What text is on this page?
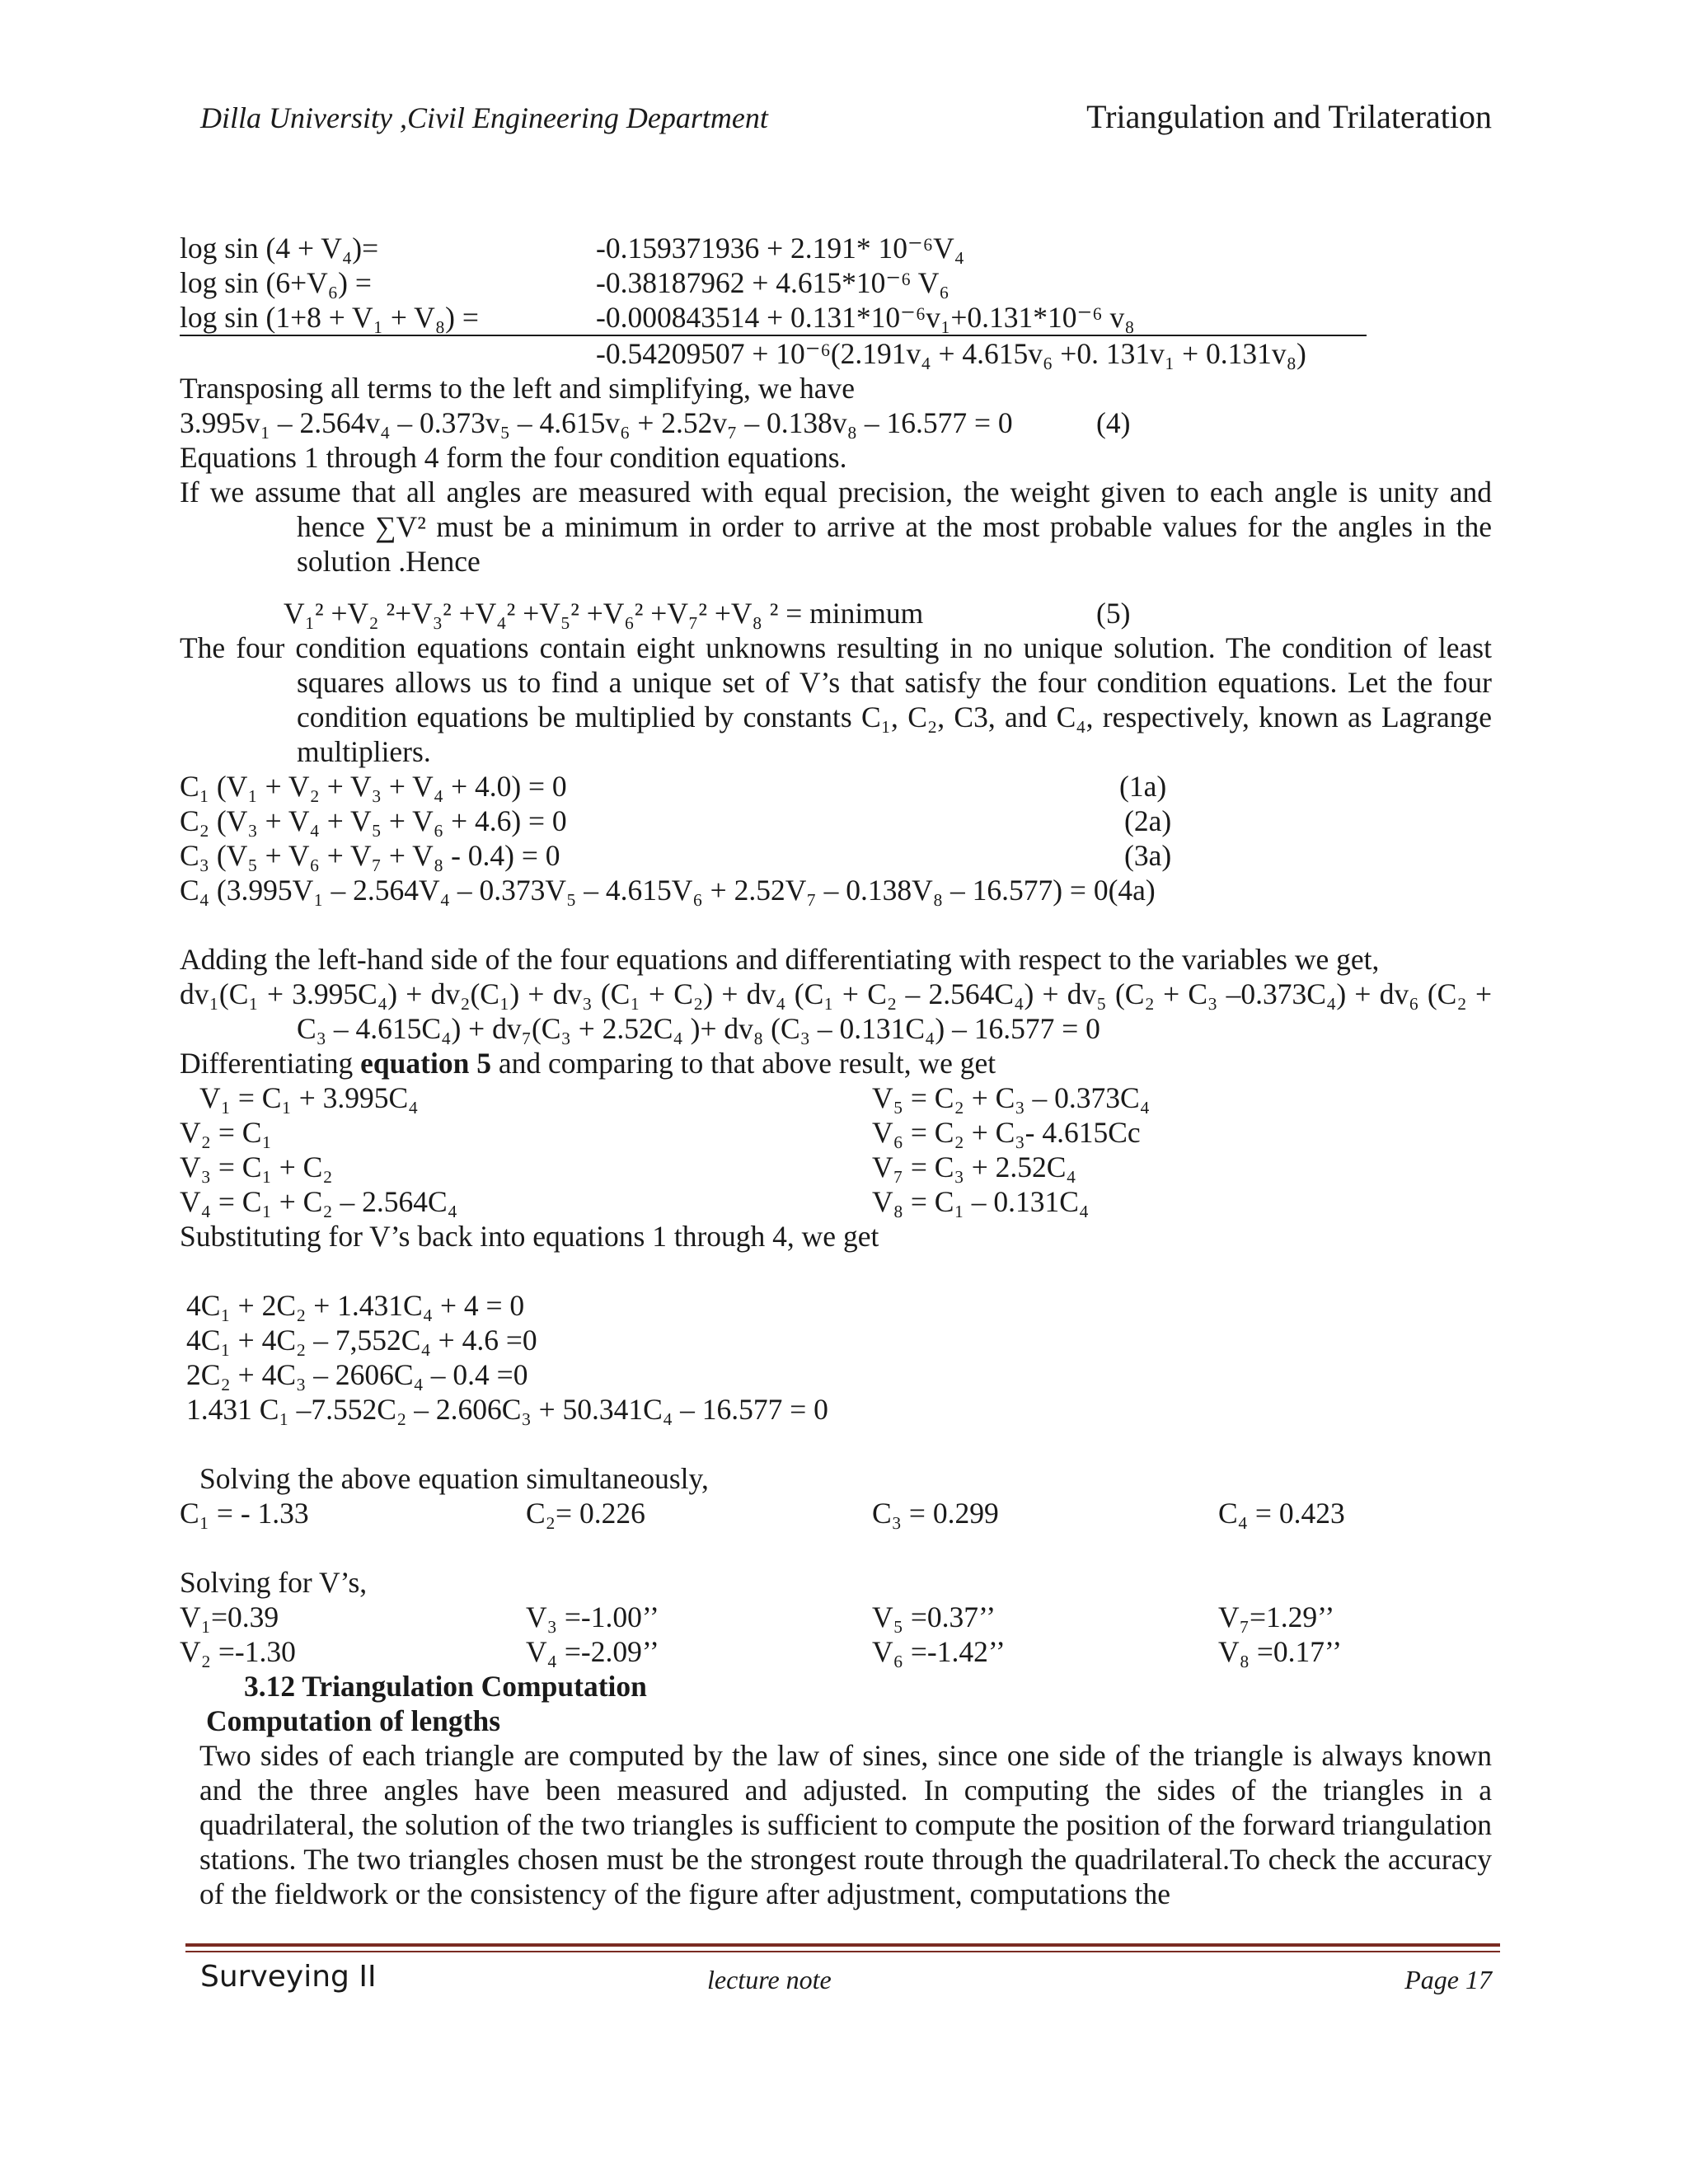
Dilla University ,Civil Engineering Department	Triangulation and Trilateration
log sin (4 + V₄)=	-0.159371936 + 2.191* 10⁻⁶V₄
log sin (6+V₆) =	-0.38187962 + 4.615*10⁻⁶ V₆
log sin (1+8 + V₁ + V₈) =	-0.000843514 + 0.131*10⁻⁶v₁+0.131*10⁻⁶ v₈
-0.54209507 + 10⁻⁶(2.191v₄ + 4.615v₆ +0. 131v₁ + 0.131v₈)
Transposing all terms to the left and simplifying, we have
3.995v₁ – 2.564v₄ – 0.373v₅ – 4.615v₆ + 2.52v₇ – 0.138v₈ – 16.577 = 0	(4)
Equations 1 through 4 form the four condition equations.
If we assume that all angles are measured with equal precision, the weight given to each angle is unity and hence ∑V² must be a minimum in order to arrive at the most probable values for the angles in the solution .Hence
V₁² +V₂ ²+V₃² +V₄² +V₅² +V₆² +V₇² +V₈ ² = minimum	(5)
The four condition equations contain eight unknowns resulting in no unique solution. The condition of least squares allows us to find a unique set of V’s that satisfy the four condition equations. Let the four condition equations be multiplied by constants C₁, C₂, C3, and C₄, respectively, known as Lagrange multipliers.
C₁ (V₁ + V₂ + V₃ + V₄ + 4.0) = 0	(1a)
C₂ (V₃ + V₄ + V₅ + V₆ + 4.6) = 0	(2a)
C₃ (V₅ + V₆ + V₇ + V₈ - 0.4) = 0	(3a)
C₄ (3.995V₁ – 2.564V₄ – 0.373V₅ – 4.615V₆ + 2.52V₇ – 0.138V₈ – 16.577) = 0(4a)
Adding the left-hand side of the four equations and differentiating with respect to the variables we get,
dv₁(C₁ + 3.995C₄) + dv₂(C₁) + dv₃ (C₁ + C₂) + dv₄ (C₁ + C₂ – 2.564C₄) + dv₅ (C₂ + C₃ –0.373C₄) + dv₆ (C₂ + C₃ – 4.615C₄) + dv₇(C₃ + 2.52C₄ )+ dv₈ (C₃ – 0.131C₄) – 16.577 = 0
Differentiating equation 5 and comparing to that above result, we get
V₁ = C₁ + 3.995C₄	V₅ = C₂ + C₃ – 0.373C₄
V₂ = C₁	V₆ = C₂ + C₃- 4.615Cc
V₃ = C₁ + C₂	V₇ = C₃ + 2.52C₄
V₄ = C₁ + C₂ – 2.564C₄	V₈ = C₁ – 0.131C₄
Substituting for V’s back into equations 1 through 4, we get
4C₁ + 2C₂ + 1.431C₄ + 4 = 0
4C₁ + 4C₂ – 7,552C₄ + 4.6 =0
2C₂ + 4C₃ – 2606C₄ – 0.4 =0
1.431 C₁ –7.552C₂ – 2.606C₃ + 50.341C₄ – 16.577 = 0
Solving the above equation simultaneously,
C₁ = - 1.33	C₂= 0.226	C₃ = 0.299	C₄ = 0.423
Solving for V’s,
V₁=0.39	V₃ =-1.00’’	V₅ =0.37’’	V₇=1.29’’
V₂ =-1.30	V₄ =-2.09’’	V₆ =-1.42’’	V₈ =0.17’’
3.12 Triangulation Computation
Computation of lengths
Two sides of each triangle are computed by the law of sines, since one side of the triangle is always known and the three angles have been measured and adjusted. In computing the sides of the triangles in a quadrilateral, the solution of the two triangles is sufficient to compute the position of the forward triangulation stations. The two triangles chosen must be the strongest route through the quadrilateral.To check the accuracy of the fieldwork or the consistency of the figure after adjustment, computations the
Surveying II	lecture note	Page 17
